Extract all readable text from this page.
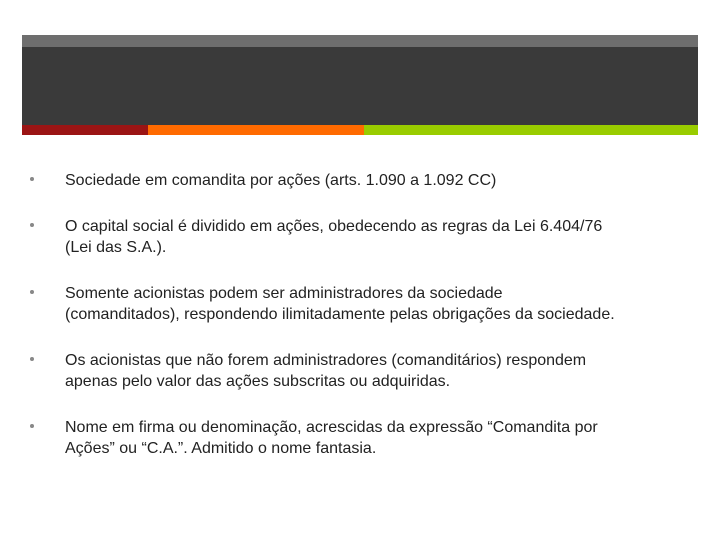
Sociedade em comandita por ações (arts. 1.090 a 1.092 CC)
O capital social é dividido em ações, obedecendo as regras da Lei 6.404/76
(Lei das S.A.).
Somente acionistas podem ser administradores da sociedade
(comanditados), respondendo ilimitadamente pelas obrigações da sociedade.
Os acionistas que não forem administradores (comanditários) respondem
apenas pelo valor das ações subscritas ou adquiridas.
Nome em firma ou denominação, acrescidas da expressão “Comandita por
Ações” ou “C.A.”. Admitido o nome fantasia.
